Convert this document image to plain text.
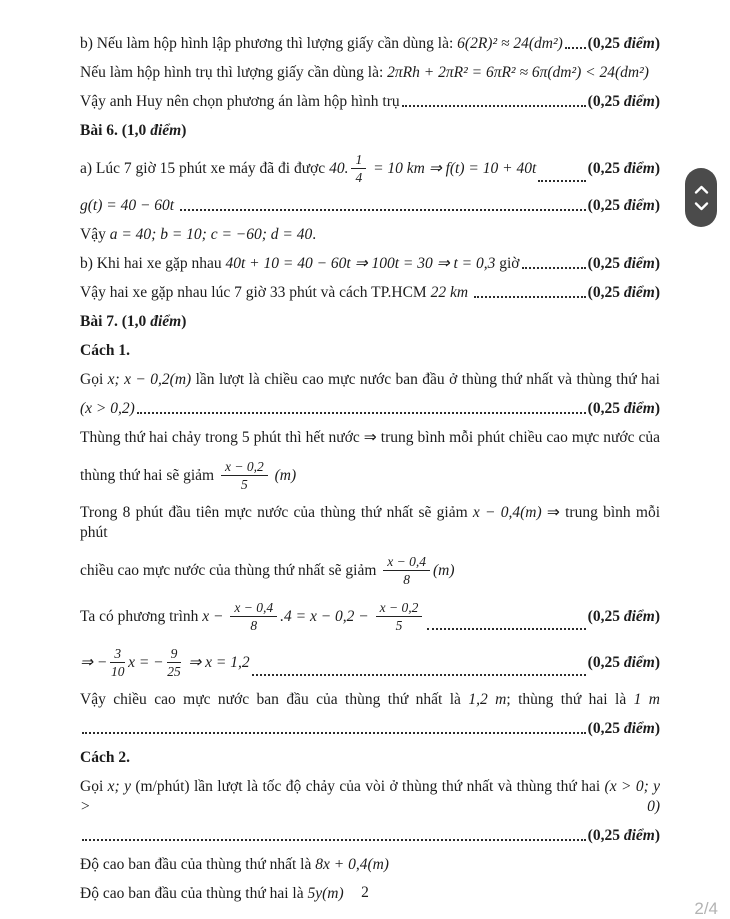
b) Nếu làm hộp hình lập phương thì lượng giấy cần dùng là: 6(2R)² ≈ 24(dm²) (0,25 điểm )
Nếu làm hộp hình trụ thì lượng giấy cần dùng là: 2πRh + 2πR² = 6πR² ≈ 6π(dm²) < 24(dm²)
Vậy anh Huy nên chọn phương án làm hộp hình trụ	(0,25 điểm )
Bài 6. (1,0 điểm )
a) Lúc 7 giờ 15 phút xe máy đã đi được 40. $\frac{1}{4} = 10$ km ⇒ f(t) = 10 + 40t	(0,25 điểm )
g(t) = 40 − 60t	(0,25 điểm )
Vậy a = 40; b = 10; c = −60; d = 40 .
b) Khi hai xe gặp nhau 40t + 10 = 40 − 60t ⇒ 100t = 30 ⇒ t = 0,3 giờ	(0,25 điểm )
Vậy hai xe gặp nhau lúc 7 giờ 33 phút và cách TP.HCM 22 km	(0,25 điểm )
Bài 7. (1,0 điểm )
Cách 1.
Gọi x; x − 0,2(m) lần lượt là chiều cao mực nước ban đầu ở thùng thứ nhất và thùng thứ hai
(x > 0,2)	(0,25 điểm )
Thùng thứ hai chảy trong 5 phút thì hết nước ⇒ trung bình mỗi phút chiều cao mực nước của
thùng thứ hai sẽ giảm $\frac{x - 0,2}{5} (m)$
Trong 8 phút đầu tiên mực nước của thùng thứ nhất sẽ giảm x − 0,4(m) ⇒ trung bình mỗi phút
chiều cao mực nước của thùng thứ nhất sẽ giảm $\frac{x - 0,4}{8} (m)$
Ta có phương trình $x - \frac{x - 0,4}{8} .4 = x - 0,2 - \frac{x - 0,2}{5}$	(0,25 điểm )
⇒ − $\frac{3}{10}$ x = − $\frac{9}{25}$ ⇒ x = 1,2	(0,25 điểm )
Vậy chiều cao mực nước ban đầu của thùng thứ nhất là 1,2 m; thùng thứ hai là 1 m
(0,25 điểm )
Cách 2.
Gọi x; y (m/phút) lần lượt là tốc độ chảy của vòi ở thùng thứ nhất và thùng thứ hai (x > 0; y > 0)
(0,25 điểm )
Độ cao ban đầu của thùng thứ nhất là 8x + 0,4(m)
Độ cao ban đầu của thùng thứ hai là 5y(m)	2
2/4
